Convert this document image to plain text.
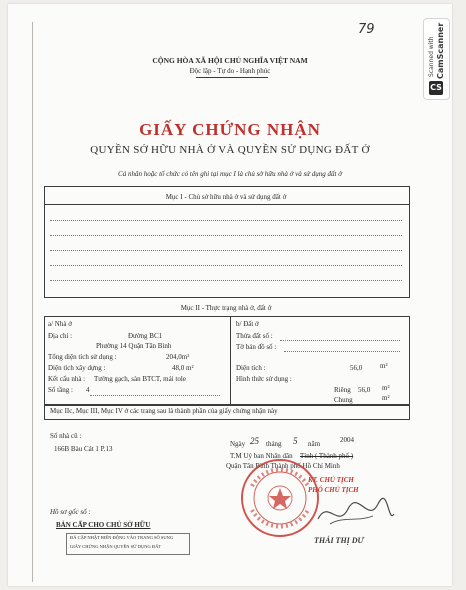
79
CỘNG HÒA XÃ HỘI CHỦ NGHĨA VIỆT NAM
Độc lập - Tự do - Hạnh phúc
GIẤY CHỨNG NHẬN
QUYỀN SỞ HỮU NHÀ Ở VÀ QUYỀN SỬ DỤNG ĐẤT Ở
Cá nhân hoặc tổ chức có tên ghi tại mục I là chủ sở hữu nhà ở và sử dụng đất ở
Mục I - Chủ sở hữu nhà ở và sử dụng đất ở
Mục II - Thực trạng nhà ở, đất ở
a/ Nhà ở
Địa chỉ :	Đường BC1
Phường 14 Quận Tân Bình
Tổng diện tích sử dụng :	204,0m²
Diện tích xây dựng :	48,0 m²
Kết cấu nhà : Tường gạch, sàn BTCT, mái tole
Số tầng : 4
b/ Đất ở
Thửa đất số :
Tờ bản đồ số :
Diện tích :	56,0	m²
Hình thức sử dụng :
Riêng 56,0 m²
Chung	m²
Mục IIc, Mục III, Mục IV ở các trang sau là thành phần của giấy chứng nhận này
Số nhà cũ :
166B Bàu Cát 1 P.13
Ngày 25 tháng 5 năm	2004
T.M Uỷ ban Nhân dân Tỉnh ( Thành phố )
Quận Tân Bình Thành phố Hồ Chí Minh
KT. CHỦ TỊCH
PHÓ CHỦ TỊCH
THÁI THỊ DƯ
Hồ sơ gốc số :
BẢN CẤP CHO CHỦ SỞ HỮU
ĐÃ CẬP NHẬT BIẾN ĐỘNG VÀO TRANG SỔ SUNG
GIẤY CHỨNG NHẬN QUYỀN SỬ DỤNG ĐẤT
Scanned with CamScanner
CS
